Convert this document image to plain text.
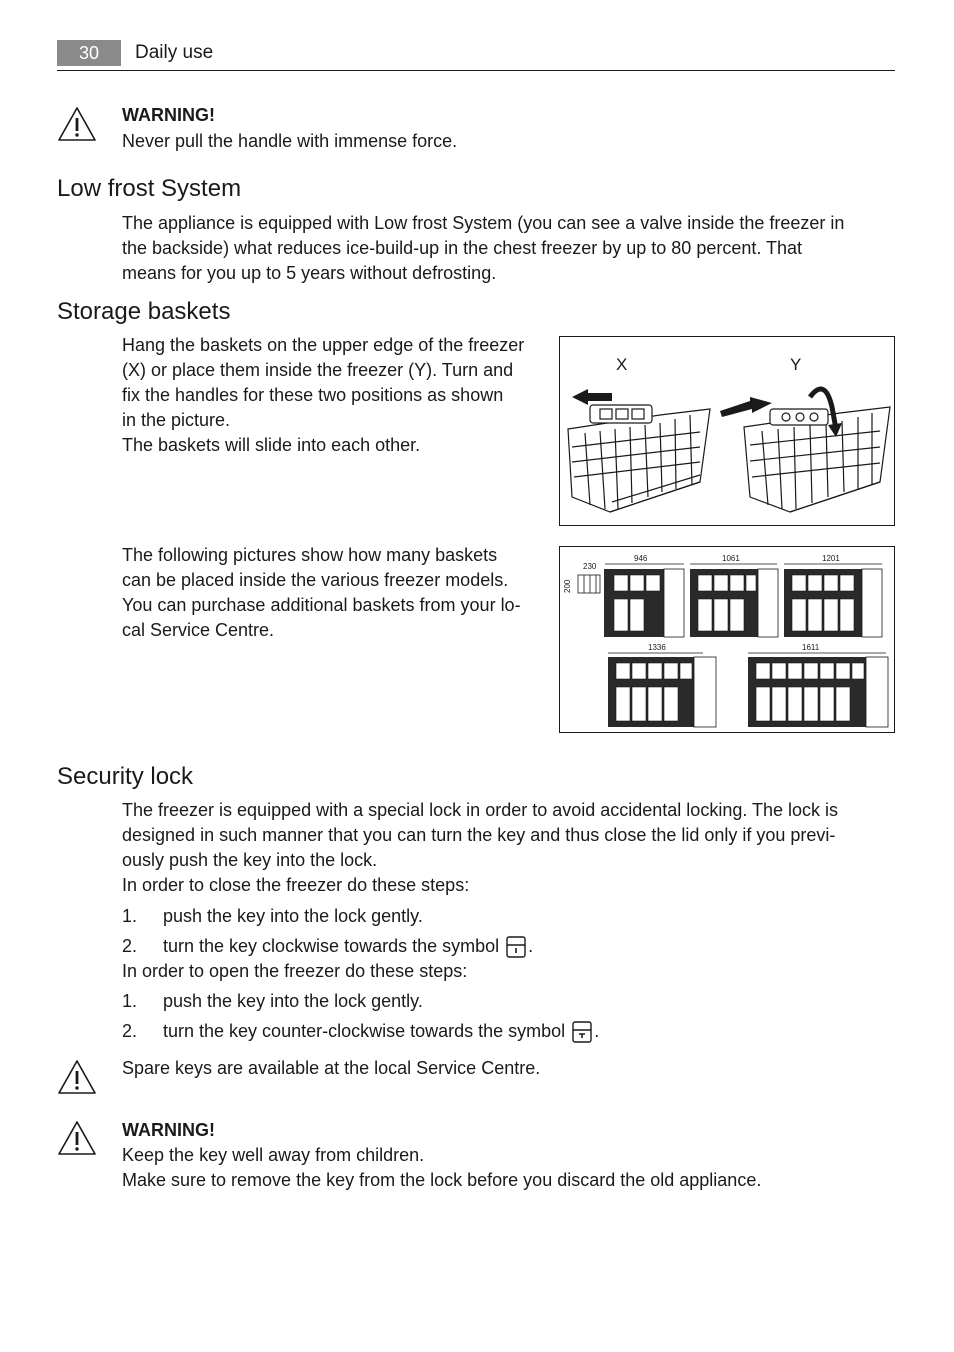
30	Daily use
WARNING!
Never pull the handle with immense force.
Low frost System
The appliance is equipped with Low frost System (you can see a valve inside the freezer in
the backside) what reduces ice-build-up in the chest freezer by up to 80 percent. That
means for you up to 5 years without defrosting.
Storage baskets
Hang the baskets on the upper edge of the freezer
(X) or place them inside the freezer (Y). Turn and
fix the handles for these two positions as shown
in the picture.
The baskets will slide into each other.
X	Y
The following pictures show how many baskets
can be placed inside the various freezer models.
You can purchase additional baskets from your lo-
cal Service Centre.
230
200
946	1061	1201
1336	1611
Security lock
The freezer is equipped with a special lock in order to avoid accidental locking. The lock is
designed in such manner that you can turn the key and thus close the lid only if you previ-
ously push the key into the lock.
In order to close the freezer do these steps:
1. push the key into the lock gently.
2. turn the key clockwise towards the symbol .
In order to open the freezer do these steps:
1. push the key into the lock gently.
2. turn the key counter-clockwise towards the symbol .
Spare keys are available at the local Service Centre.
WARNING!
Keep the key well away from children.
Make sure to remove the key from the lock before you discard the old appliance.
